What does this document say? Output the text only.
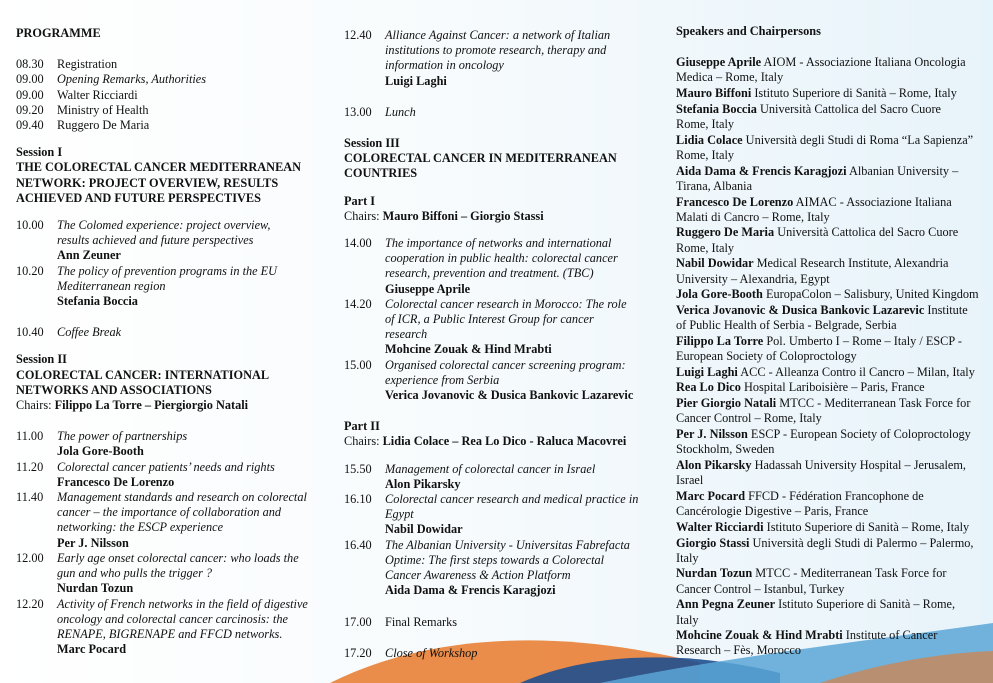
PROGRAMME
08.30	Registration
09.00	Opening Remarks, Authorities
09.00	Walter Ricciardi
09.20	Ministry of Health
09.40	Ruggero De Maria
Session I
THE COLORECTAL CANCER MEDITERRANEAN
NETWORK: PROJECT OVERVIEW, RESULTS
ACHIEVED AND FUTURE PERSPECTIVES
10.00	The Colomed experience: project overview,
results achieved and future perspectives
Ann Zeuner
10.20	The policy of prevention programs in the EU
Mediterranean region
Stefania Boccia
10.40	Coffee Break
Session II
COLORECTAL CANCER: INTERNATIONAL
NETWORKS AND ASSOCIATIONS
Chairs: Filippo La Torre – Piergiorgio Natali
11.00	The power of partnerships
Jola Gore-Booth
11.20	Colorectal cancer patients’ needs and rights
Francesco De Lorenzo
11.40	Management standards and research on colorectal
cancer – the importance of collaboration and
networking: the ESCP experience
Per J. Nilsson
12.00	Early age onset colorectal cancer: who loads the
gun and who pulls the trigger ?
Nurdan Tozun
12.20	Activity of French networks in the field of digestive
oncology and colorectal cancer carcinosis: the
RENAPE, BIGRENAPE and FFCD networks.
Marc Pocard
12.40	Alliance Against Cancer: a network of Italian
institutions to promote research, therapy and
information in oncology
Luigi Laghi
13.00	Lunch
Session III
COLORECTAL CANCER IN MEDITERRANEAN
COUNTRIES
Part I
Chairs: Mauro Biffoni – Giorgio Stassi
14.00	The importance of networks and international
cooperation in public health: colorectal cancer
research, prevention and treatment. (TBC)
Giuseppe Aprile
14.20	Colorectal cancer research in Morocco: The role
of ICR, a Public Interest Group for cancer
research
Mohcine Zouak & Hind Mrabti
15.00	Organised colorectal cancer screening program:
experience from Serbia
Verica Jovanovic & Dusica Bankovic Lazarevic
Part II
Chairs: Lidia Colace – Rea Lo Dico - Raluca Macovrei
15.50	Management of colorectal cancer in Israel
Alon Pikarsky
16.10	Colorectal cancer research and medical practice in
Egypt
Nabil Dowidar
16.40	The Albanian University - Universitas Fabrefacta
Optime: The first steps towards a Colorectal
Cancer Awareness & Action Platform
Aida Dama & Frencis Karagjozi
17.00	Final Remarks
17.20	Close of Workshop
Speakers and Chairpersons
Giuseppe Aprile AIOM - Associazione Italiana Oncologia
Medica – Rome, Italy
Mauro Biffoni Istituto Superiore di Sanità – Rome, Italy
Stefania Boccia Università Cattolica del Sacro Cuore
Rome, Italy
Lidia Colace Università degli Studi di Roma “La Sapienza”
Rome, Italy
Aida Dama & Frencis Karagjozi Albanian University –
Tirana, Albania
Francesco De Lorenzo AIMAC - Associazione Italiana
Malati di Cancro – Rome, Italy
Ruggero De Maria Università Cattolica del Sacro Cuore
Rome, Italy
Nabil Dowidar Medical Research Institute, Alexandria
University – Alexandria, Egypt
Jola Gore-Booth EuropaColon – Salisbury, United Kingdom
Verica Jovanovic & Dusica Bankovic Lazarevic Institute
of Public Health of Serbia - Belgrade, Serbia
Filippo La Torre Pol. Umberto I – Rome – Italy / ESCP -
European Society of Coloproctology
Luigi Laghi ACC - Alleanza Contro il Cancro – Milan, Italy
Rea Lo Dico Hospital Lariboisière – Paris, France
Pier Giorgio Natali MTCC - Mediterranean Task Force for
Cancer Control – Rome, Italy
Per J. Nilsson ESCP - European Society of Coloproctology
Stockholm, Sweden
Alon Pikarsky Hadassah University Hospital – Jerusalem,
Israel
Marc Pocard FFCD - Fédération Francophone de
Cancérologie Digestive – Paris, France
Walter Ricciardi Istituto Superiore di Sanità – Rome, Italy
Giorgio Stassi Università degli Studi di Palermo – Palermo,
Italy
Nurdan Tozun MTCC - Mediterranean Task Force for
Cancer Control – Istanbul, Turkey
Ann Pegna Zeuner Istituto Superiore di Sanità – Rome,
Italy
Mohcine Zouak & Hind Mrabti Institute of Cancer
Research – Fès, Morocco
